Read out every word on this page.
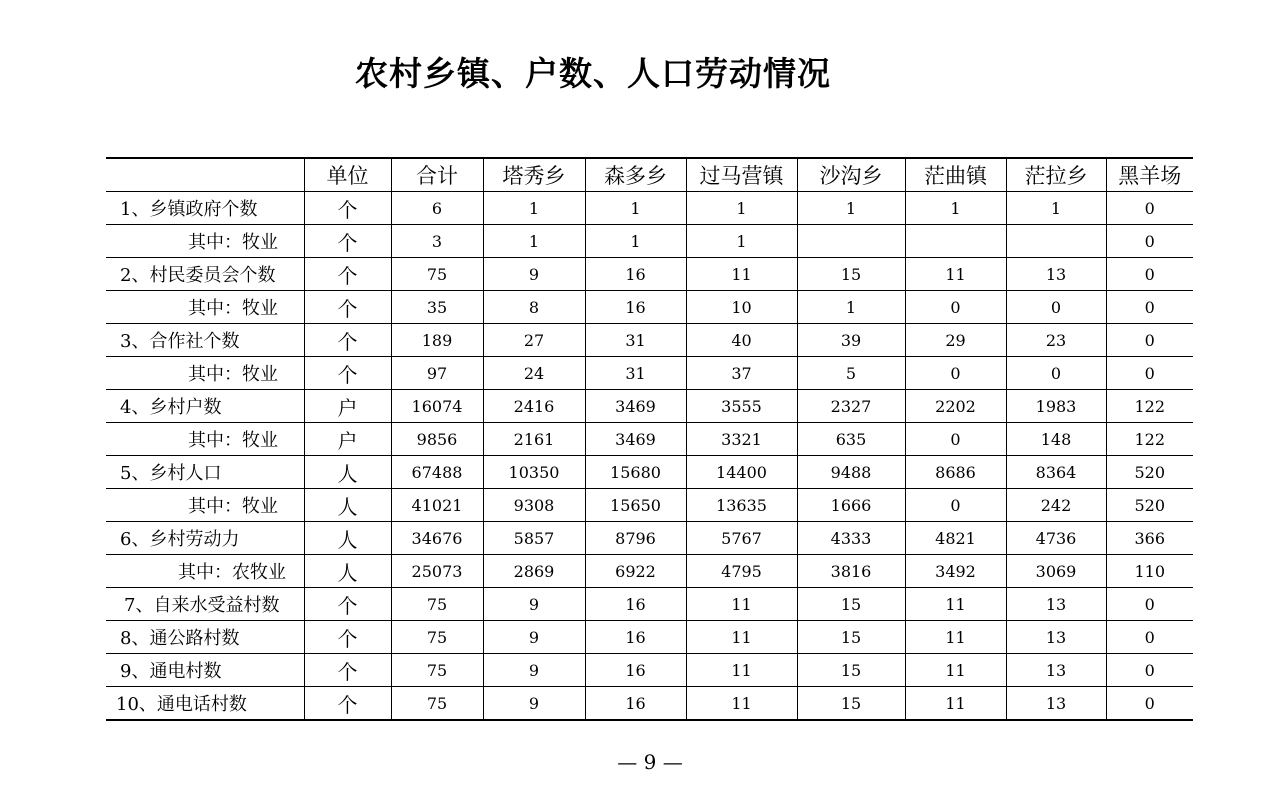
农村乡镇、户数、人口劳动情况
	单位	合计	塔秀乡	森多乡	过马营镇	沙沟乡	茫曲镇	茫拉乡	黑羊场
1、乡镇政府个数	个	6	1	1	1	1	1	1	0
其中：牧业	个	3	1	1	1				0
2、村民委员会个数	个	75	9	16	11	15	11	13	0
其中：牧业	个	35	8	16	10	1	0	0	0
3、合作社个数	个	189	27	31	40	39	29	23	0
其中：牧业	个	97	24	31	37	5	0	0	0
4、乡村户数	户	16074	2416	3469	3555	2327	2202	1983	122
其中：牧业	户	9856	2161	3469	3321	635	0	148	122
5、乡村人口	人	67488	10350	15680	14400	9488	8686	8364	520
其中：牧业	人	41021	9308	15650	13635	1666	0	242	520
6、乡村劳动力	人	34676	5857	8796	5767	4333	4821	4736	366
其中：农牧业	人	25073	2869	6922	4795	3816	3492	3069	110
7、自来水受益村数	个	75	9	16	11	15	11	13	0
8、通公路村数	个	75	9	16	11	15	11	13	0
9、通电村数	个	75	9	16	11	15	11	13	0
10、通电话村数	个	75	9	16	11	15	11	13	0
— 9 —
